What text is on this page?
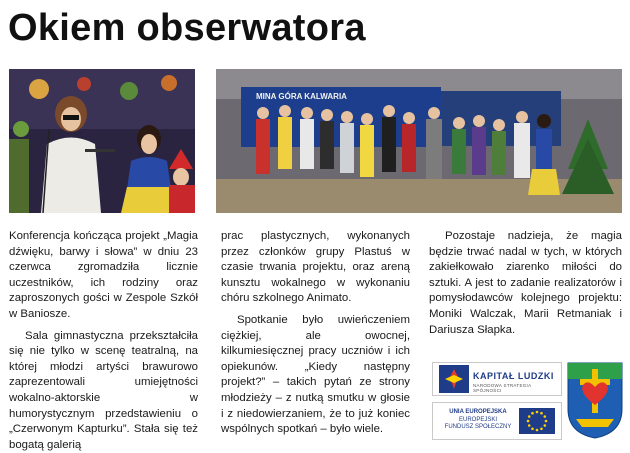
Okiem obserwatora
MINA GÓRA KALWARIA

Konferencja kończąca projekt „Magia dźwięku, barwy i słowa” w dniu 23 czerwca zgromadziła licznie uczestników, ich rodziny oraz zaproszonych gości w Zespole Szkół w Baniosze.

Sala gimnastyczna przekształciła się nie tylko w scenę teatralną, na której młodzi artyści brawurowo zaprezentowali umiejętności wokalno-aktorskie w humorystycznym przedstawieniu o „Czerwonym Kapturku”. Stała się też bogatą galerią

prac plastycznych, wykonanych przez członków grupy Plastuś w czasie trwania projektu, oraz areną kunsztu wokalnego w wykonaniu chóru szkolnego Animato.

Spotkanie było uwieńczeniem ciężkiej, ale owocnej, kilkumiesięcznej pracy uczniów i ich opiekunów. „Kiedy następny projekt?” – takich pytań ze strony młodzieży – z nutką smutku w głosie i z niedowierzaniem, że to już koniec wspólnych spotkań – było wiele.

Pozostaje nadzieja, że magia będzie trwać nadal w tych, w których zakiełkowało ziarenko miłości do sztuki. A jest to zadanie realizatorów i pomysłodawców kolejnego projektu: Moniki Walczak, Marii Retmaniak i Dariusza Słapka.

KAPITAŁ LUDZKI
NARODOWA STRATEGIA SPÓJNOŚCI
UNIA EUROPEJSKA
EUROPEJSKI
FUNDUSZ SPOŁECZNY
